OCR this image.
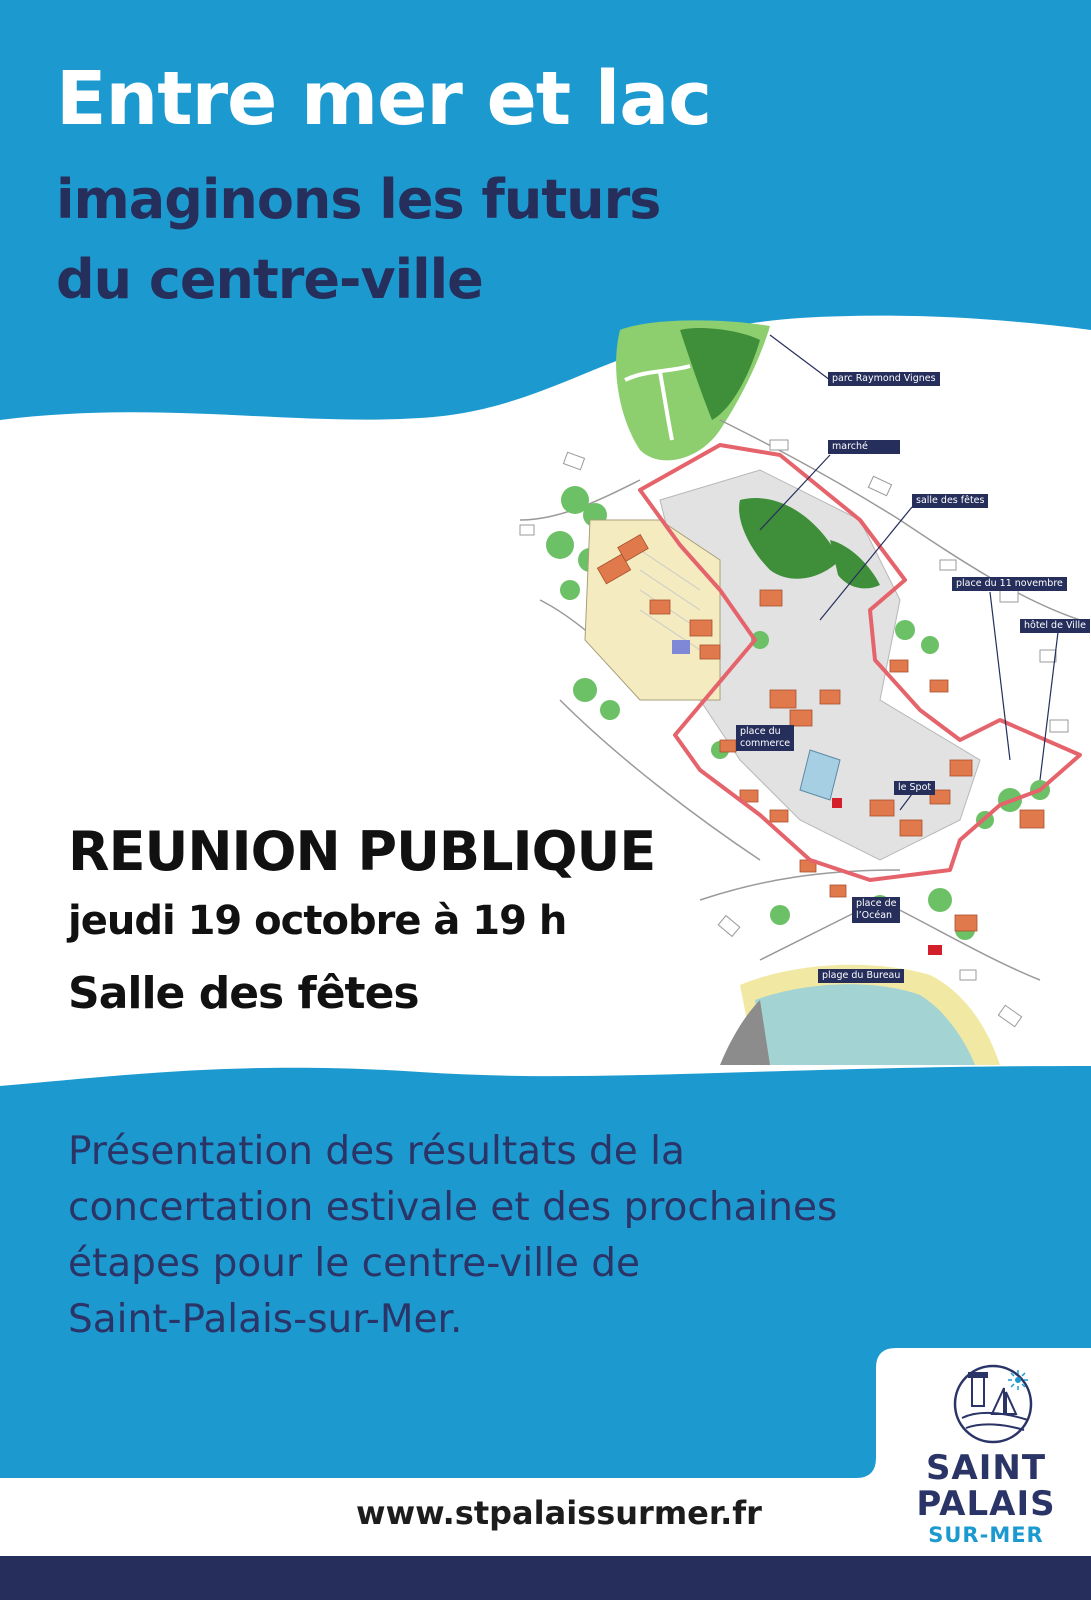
parc Raymond Vignes
marché
salle des fêtes
place du 11 novembre
hôtel de Ville
place du
commerce
le Spot
place de
l’Océan
plage du Bureau
Entre mer et lac
imaginons les futurs
du centre-ville
REUNION PUBLIQUE
jeudi 19 octobre à 19 h
Salle des fêtes
Présentation des résultats de la
concertation estivale et des prochaines
étapes pour le centre-ville de
Saint-Palais-sur-Mer.
www.stpalaissurmer.fr
SAINT
PALAIS
SUR-MER
